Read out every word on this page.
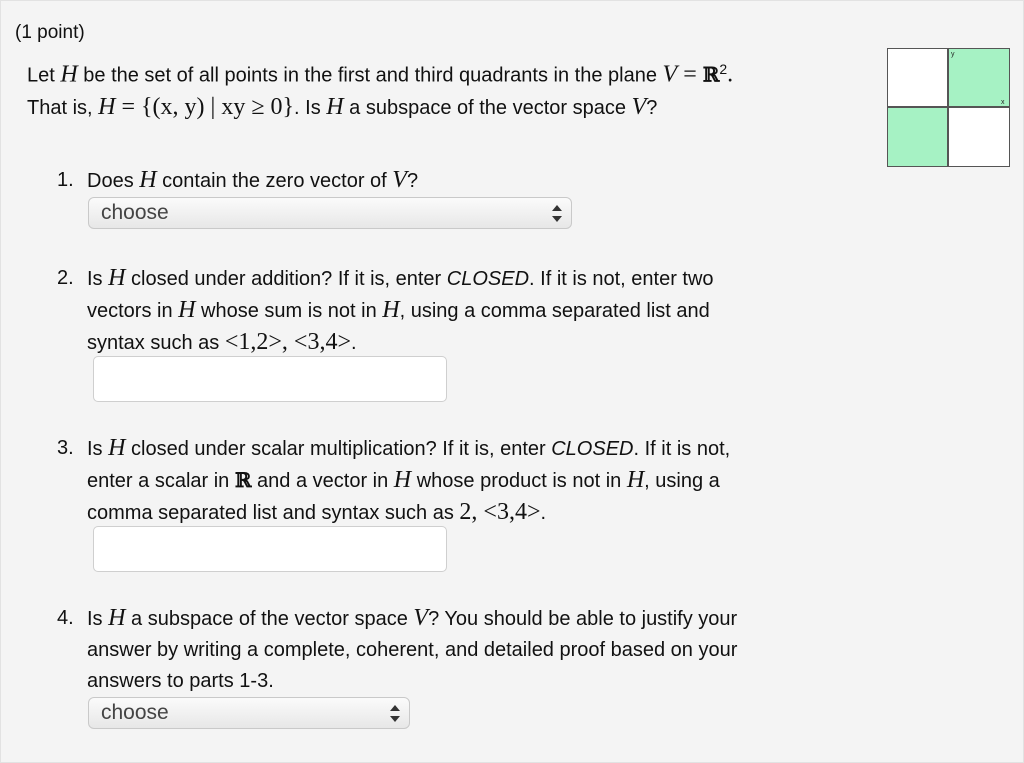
(1 point)
Let H be the set of all points in the first and third quadrants in the plane V = ℝ$^2$.
That is, H = {(x, y) | xy ≥ 0}. Is H a subspace of the vector space V?
y
x
1. Does H contain the zero vector of V?
choose
2. Is H closed under addition? If it is, enter CLOSED. If it is not, enter two
vectors in H whose sum is not in H, using a comma separated list and
syntax such as <1,2>, <3,4>.
3. Is H closed under scalar multiplication? If it is, enter CLOSED. If it is not,
enter a scalar in ℝ and a vector in H whose product is not in H, using a
comma separated list and syntax such as 2, <3,4>.
4. Is H a subspace of the vector space V? You should be able to justify your
answer by writing a complete, coherent, and detailed proof based on your
answers to parts 1-3.
choose
